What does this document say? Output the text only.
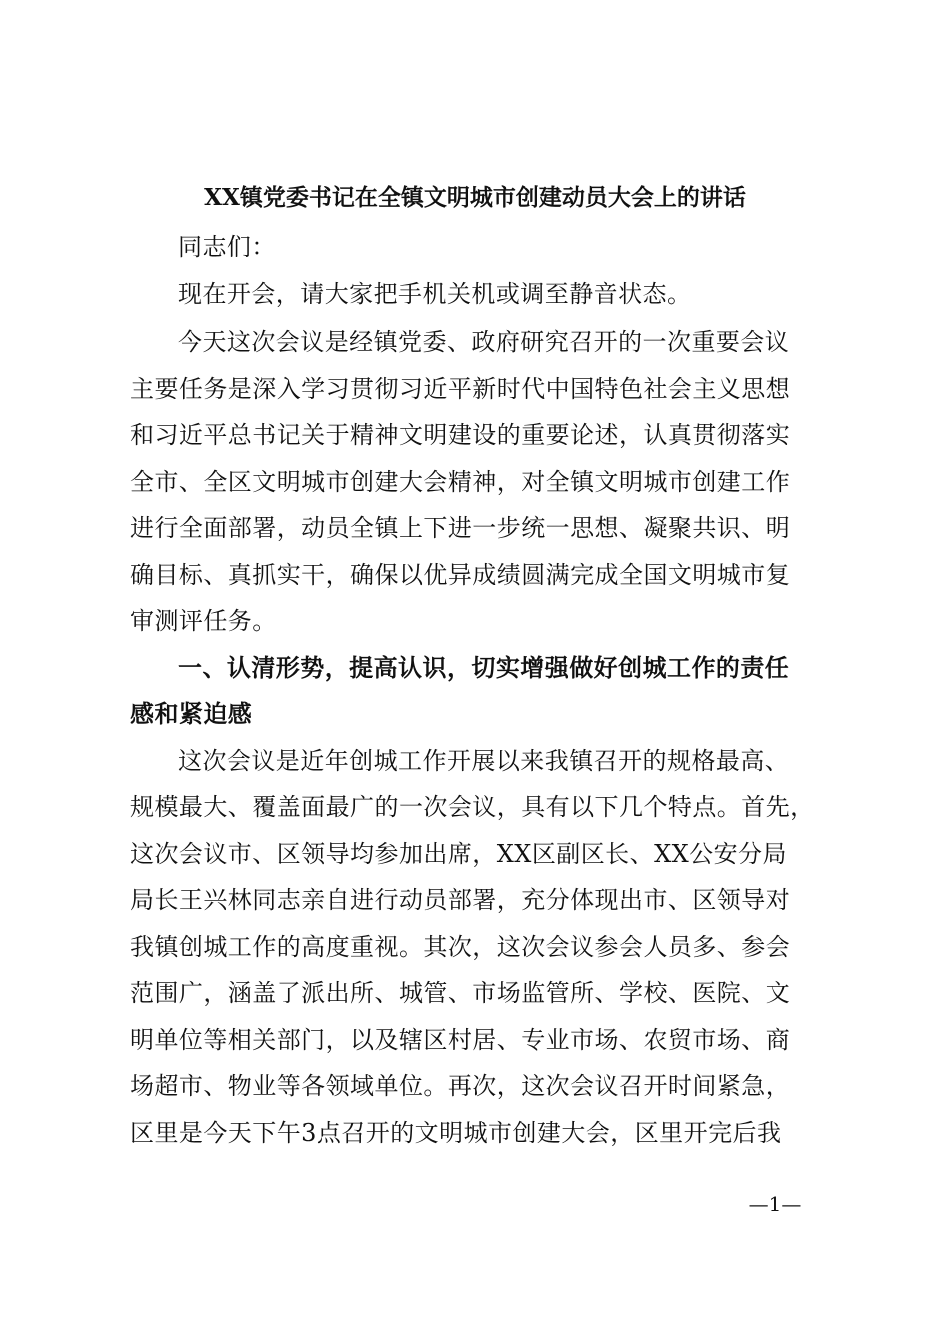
XX镇党委书记在全镇文明城市创建动员大会上的讲话
同志们：
现在开会，请大家把手机关机或调至静音状态。
今天这次会议是经镇党委、政府研究召开的一次重要会议
主要任务是深入学习贯彻习近平新时代中国特色社会主义思想
和习近平总书记关于精神文明建设的重要论述，认真贯彻落实
全市、全区文明城市创建大会精神，对全镇文明城市创建工作
进行全面部署，动员全镇上下进一步统一思想、凝聚共识、明
确目标、真抓实干，确保以优异成绩圆满完成全国文明城市复
审测评任务。
一、认清形势，提高认识，切实增强做好创城工作的责任
感和紧迫感
这次会议是近年创城工作开展以来我镇召开的规格最高、
规模最大、覆盖面最广的一次会议，具有以下几个特点。首先，
这次会议市、区领导均参加出席，XX区副区长、XX公安分局
局长王兴林同志亲自进行动员部署，充分体现出市、区领导对
我镇创城工作的高度重视。其次，这次会议参会人员多、参会
范围广，涵盖了派出所、城管、市场监管所、学校、医院、文
明单位等相关部门，以及辖区村居、专业市场、农贸市场、商
场超市、物业等各领域单位。再次，这次会议召开时间紧急，
区里是今天下午3点召开的文明城市创建大会，区里开完后我
—1—
